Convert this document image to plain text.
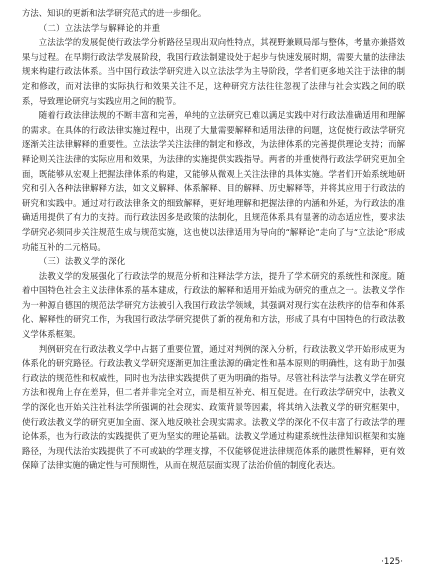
方法、知识的更新和法学研究范式的进一步细化。

（二）立法法学与解释论的并重

立法法学的发展促使行政法学分析路径呈现出双向性特点，其视野兼顾局部与整体，考量亦兼搭效果与过程。在早期行政法学发展阶段，我国行政法制建设处于起步与快速发展时期，需要大量的法律法规来构建行政法体系。当中国行政法学研究进入以立法法学为主导阶段，学者们更多地关注于法律的制定和修改，而对法律的实际执行和效果关注不足，这种研究方法往往忽视了法律与社会实践之间的联系，导致理论研究与实践应用之间的脱节。

随着行政法律法规的不断丰富和完善，单纯的立法研究已难以满足实践中对行政法准确适用和理解的需求。在具体的行政法律实施过程中，出现了大量需要解释和适用法律的问题，这促使行政法学研究逐渐关注法律解释的重要性。立法法学关注法律的制定和修改，为法律体系的完善提供理论支持；而解释论则关注法律的实际应用和效果，为法律的实施提供实践指导。两者的并重使得行政法学研究更加全面，既能够从宏观上把握法律体系的构建，又能够从微观上关注法律的具体实施。学者们开始系统地研究和引入各种法律解释方法，如文义解释、体系解释、目的解释、历史解释等，并将其应用于行政法的研究和实践中。通过对行政法律条文的细致解释，更好地理解和把握法律的内涵和外延，为行政法的准确适用提供了有力的支持。而行政法因多是政策的法制化，且规范体系具有显著的动态适应性，要求法学研究必须同步关注规范生成与规范实施，这也使以法律适用为导向的“解释论”走向了与“立法论”形成功能互补的二元格局。

（三）法教义学的深化

法教义学的发展强化了行政法学的规范分析和注释法学方法，提升了学术研究的系统性和深度。随着中国特色社会主义法律体系的基本建成，行政法的解释和适用开始成为研究的重点之一。法教义学作为一种源自德国的规范法学研究方法被引入我国行政法学领域，其强调对现行实在法秩序的信奉和体系化、解释性的研究工作，为我国行政法学研究提供了新的视角和方法，形成了具有中国特色的行政法教义学体系框架。

判例研究在行政法教义学中占据了重要位置，通过对判例的深入分析，行政法教义学开始形成更为体系化的研究路径。行政法教义学研究逐渐更加注重法源的确定性和基本原则的明确性，这有助于加强行政法的规范性和权威性，同时也为法律实践提供了更为明确的指导。尽管社科法学与法教义学在研究方法和视角上存在差异，但二者并非完全对立，而是相互补充、相互促进。在行政法学研究中，法教义学的深化也开始关注社科法学所强调的社会现实、政策背景等因素，将其纳入法教义学的研究框架中，使行政法教义学的研究更加全面、深入地反映社会现实需求。法教义学的深化不仅丰富了行政法学的理论体系，也为行政法的实践提供了更为坚实的理论基础。法教义学通过构建系统性法律知识框架和实施路径，为现代法治实践提供了不可或缺的学理支撑，不仅能够促进法律规范体系的融贯性解释，更有效保障了法律实施的确定性与可预期性，从而在规范层面实现了法治价值的制度化表达。

·125·
